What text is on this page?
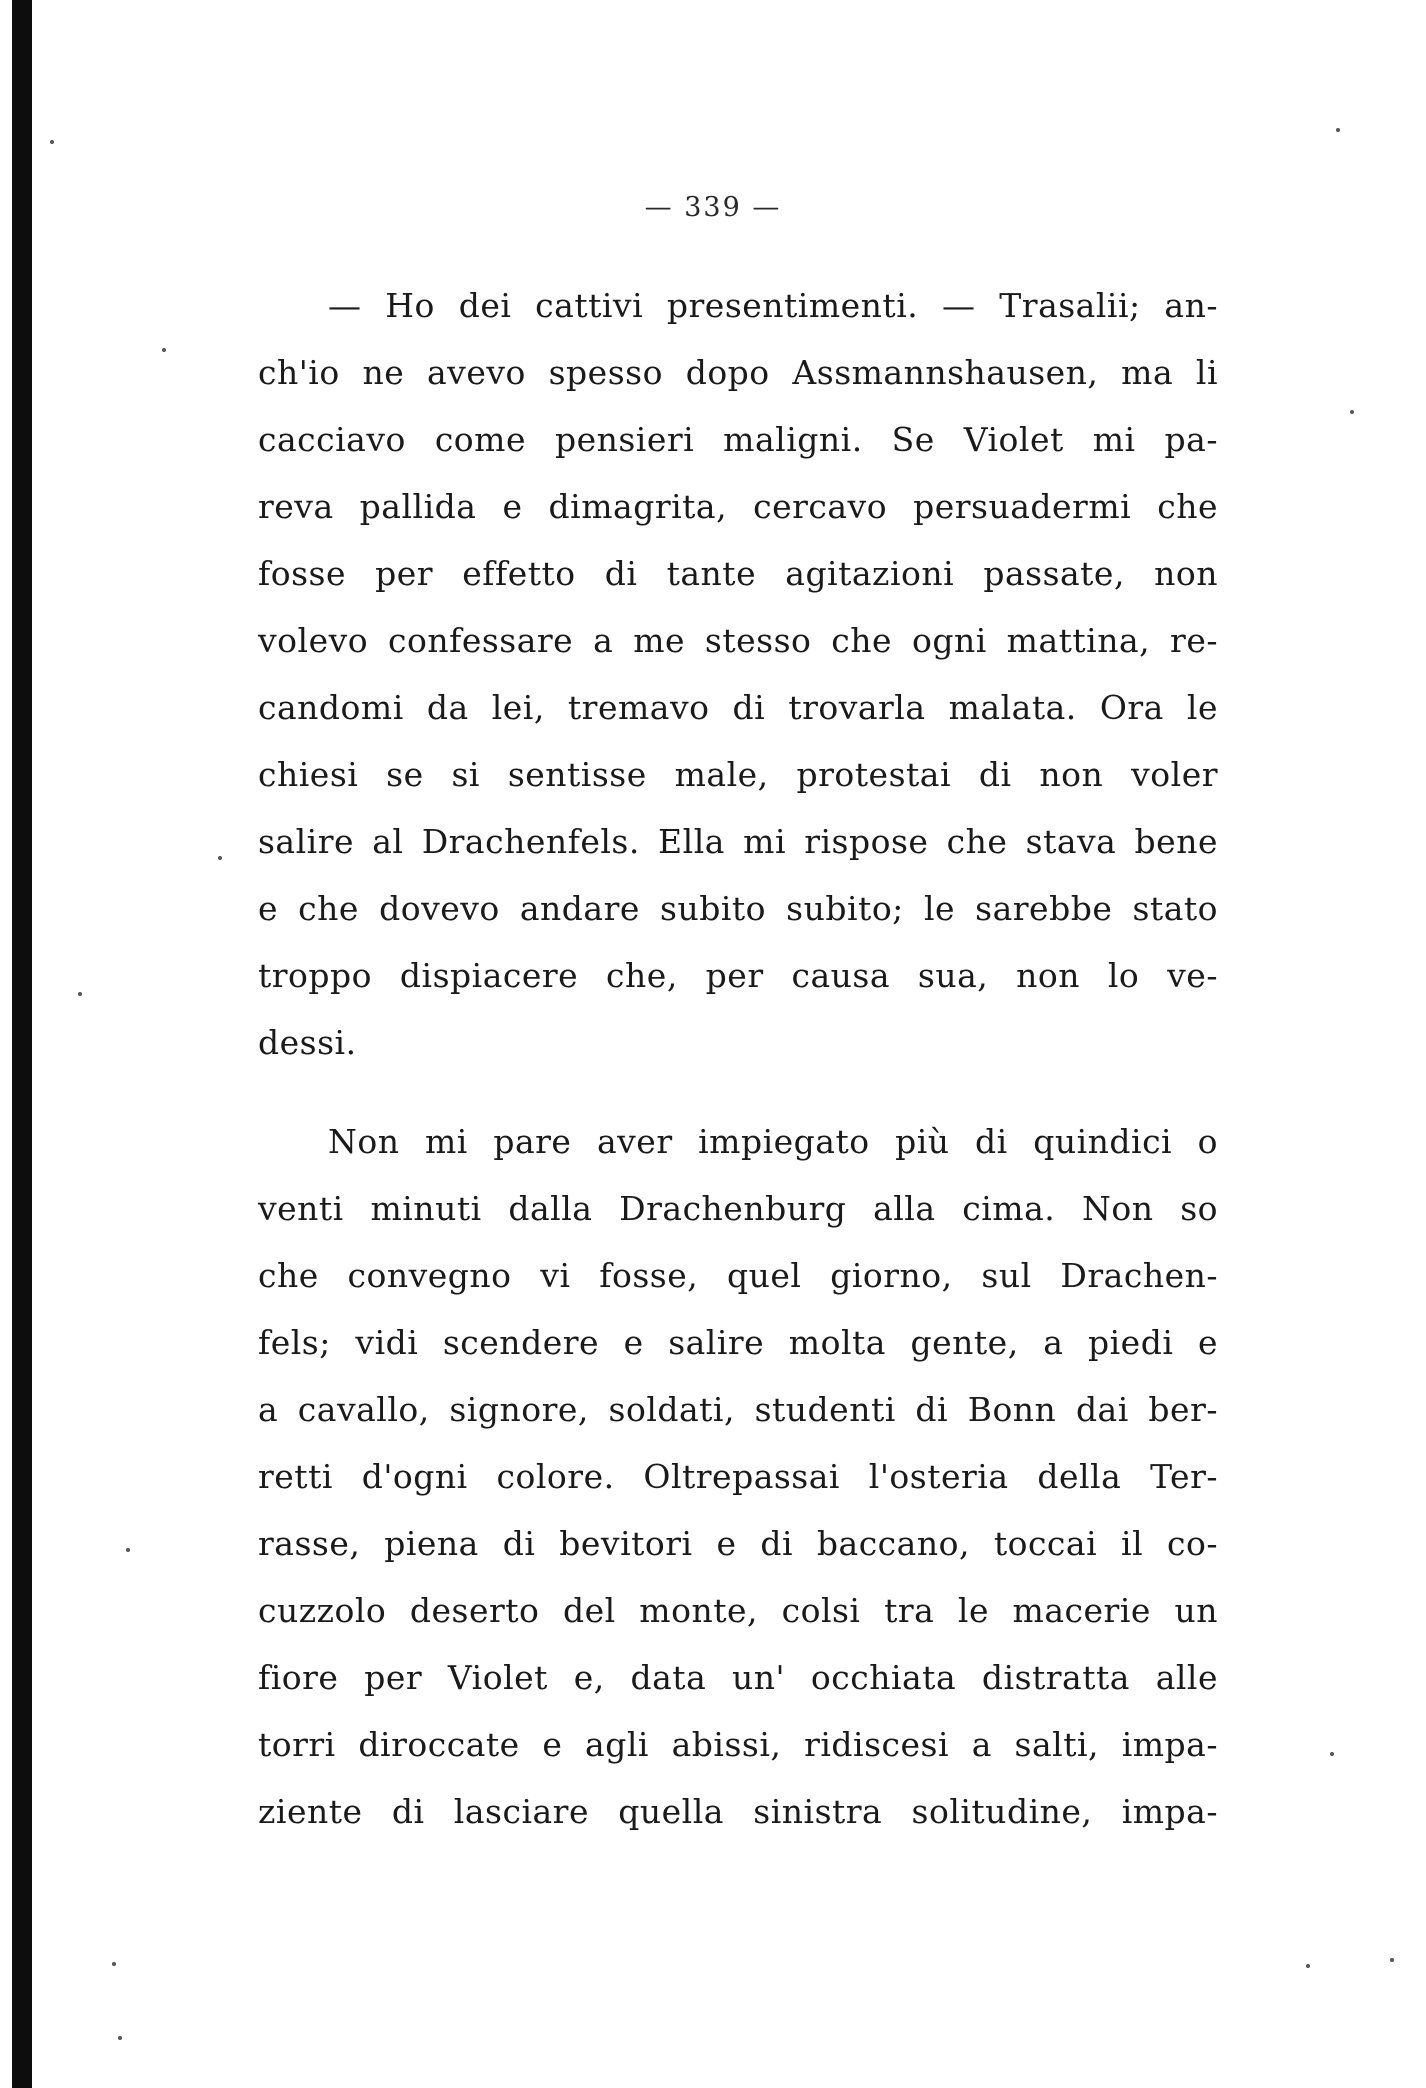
— 339 —
— Ho dei cattivi presentimenti. — Trasalii; an-
ch'io ne avevo spesso dopo Assmannshausen, ma li
cacciavo come pensieri maligni. Se Violet mi pa-
reva pallida e dimagrita, cercavo persuadermi che
fosse per effetto di tante agitazioni passate, non
volevo confessare a me stesso che ogni mattina, re-
candomi da lei, tremavo di trovarla malata. Ora le
chiesi se si sentisse male, protestai di non voler
salire al Drachenfels. Ella mi rispose che stava bene
e che dovevo andare subito subito; le sarebbe stato
troppo dispiacere che, per causa sua, non lo ve-
dessi.
Non mi pare aver impiegato più di quindici o
venti minuti dalla Drachenburg alla cima. Non so
che convegno vi fosse, quel giorno, sul Drachen-
fels; vidi scendere e salire molta gente, a piedi e
a cavallo, signore, soldati, studenti di Bonn dai ber-
retti d'ogni colore. Oltrepassai l'osteria della Ter-
rasse, piena di bevitori e di baccano, toccai il co-
cuzzolo deserto del monte, colsi tra le macerie un
fiore per Violet e, data un' occhiata distratta alle
torri diroccate e agli abissi, ridiscesi a salti, impa-
ziente di lasciare quella sinistra solitudine, impa-
